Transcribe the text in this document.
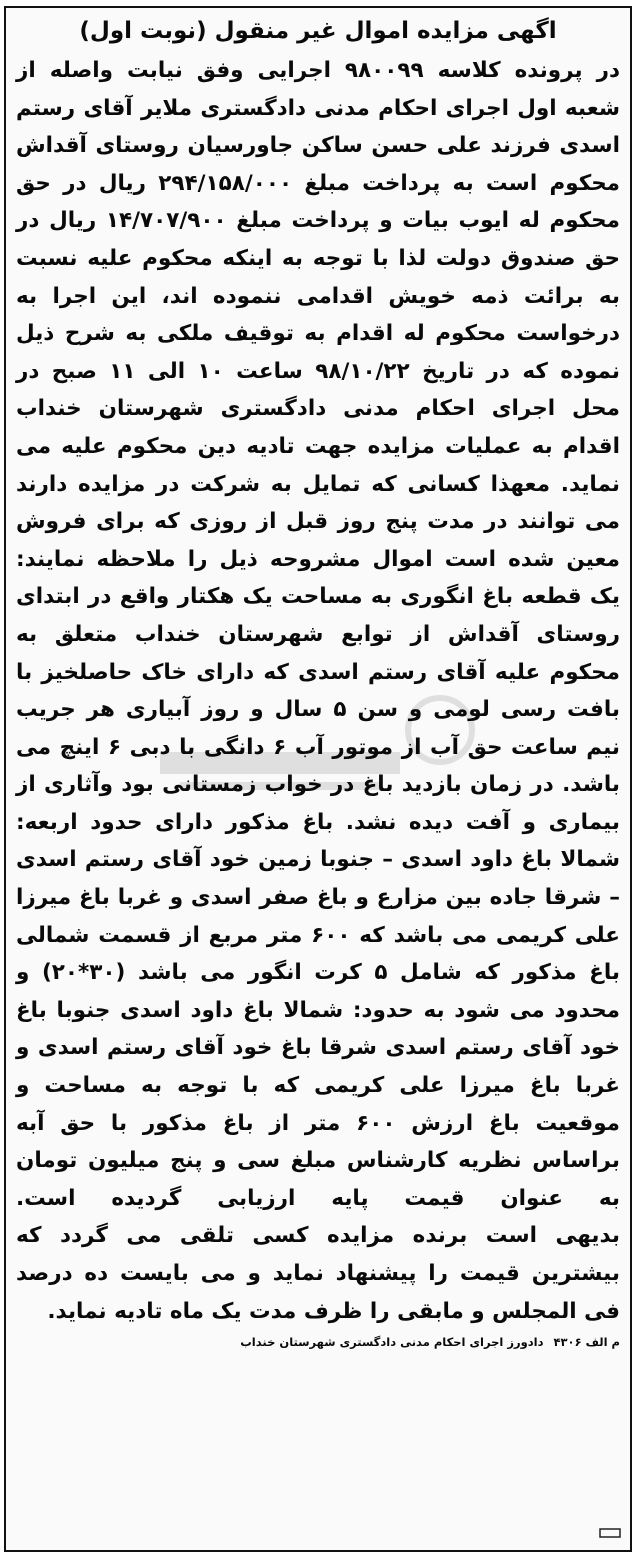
اگهی مزایده اموال غیر منقول (نوبت اول)

در پرونده کلاسه ۹۸۰۰۹۹ اجرایی وفق نیابت واصله از شعبه اول اجرای احکام مدنی دادگستری ملایر آقای رستم اسدی فرزند علی حسن ساکن جاورسیان روستای آقداش محکوم است به پرداخت مبلغ ۲۹۴/۱۵۸/۰۰۰ ریال در حق محکوم له ایوب بیات و پرداخت مبلغ ۱۴/۷۰۷/۹۰۰ ریال در حق صندوق دولت لذا با توجه به اینکه محکوم علیه نسبت به برائت ذمه خویش اقدامی ننموده اند، این اجرا به درخواست محکوم له اقدام به توقیف ملکی به شرح ذیل نموده که در تاریخ ۹۸/۱۰/۲۲ ساعت ۱۰ الی ۱۱ صبح در محل اجرای احکام مدنی دادگستری شهرستان خنداب اقدام به عملیات مزایده جهت تادیه دین محکوم علیه می نماید. معهذا کسانی که تمایل به شرکت در مزایده دارند می توانند در مدت پنج روز قبل از روزی که برای فروش معین شده است اموال مشروحه ذیل را ملاحظه نمایند:

یک قطعه باغ انگوری به مساحت یک هکتار واقع در ابتدای روستای آقداش از توابع شهرستان خنداب متعلق به محکوم علیه آقای رستم اسدی که دارای خاک حاصلخیز با بافت رسی لومی و سن ۵ سال و روز آبیاری هر جریب نیم ساعت حق آب از موتور آب ۶ دانگی با دبی ۶ اینچ می باشد. در زمان بازدید باغ در خواب زمستانی بود وآثاری از بیماری و آفت دیده نشد. باغ مذکور دارای حدود اربعه: شمالا باغ داود اسدی – جنوبا زمین خود آقای رستم اسدی – شرقا جاده بین مزارع و باغ صفر اسدی و غربا باغ میرزا علی کریمی می باشد که ۶۰۰ متر مربع از قسمت شمالی باغ مذکور که شامل ۵ کرت انگور می باشد (۳۰*۲۰) و محدود می شود به حدود: شمالا باغ داود اسدی جنوبا باغ خود آقای رستم اسدی شرقا باغ خود آقای رستم اسدی و غربا باغ میرزا علی کریمی که با توجه به مساحت و موقعیت باغ ارزش ۶۰۰ متر از باغ مذکور با حق آبه براساس نظریه کارشناس مبلغ سی و پنج میلیون تومان به عنوان قیمت پایه ارزیابی گردیده است.

بدیهی است برنده مزایده کسی تلقی می گردد که بیشترین قیمت را پیشنهاد نماید و می بایست ده درصد فی المجلس و مابقی را ظرف مدت یک ماه تادیه نماید.

م الف ۴۳۰۶ دادورز اجرای احکام مدنی دادگستری شهرستان خنداب
